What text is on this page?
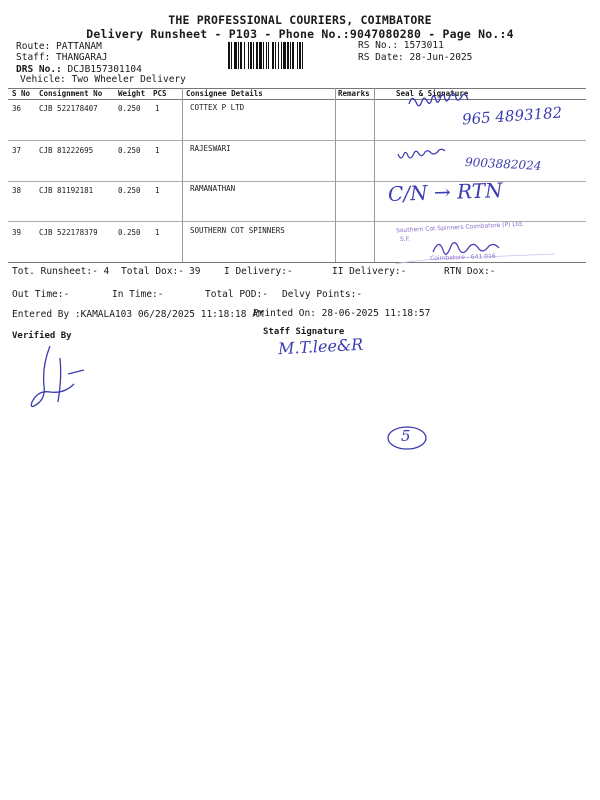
THE PROFESSIONAL COURIERS, COIMBATORE
Delivery Runsheet - P103 - Phone No.:9047080280 - Page No.:4
Route: PATTANAM
Staff: THANGARAJ
DRS No.: DCJB157301104
Vehicle: Two Wheeler Delivery
RS No.: 1573011
RS Date: 28-Jun-2025
S No Consignment No Weight PCS	Consignee Details	Remarks	Seal & Signature
36 CJB 522178407	0.250 1	COTTEX P LTD
37 CJB 81222695	0.250 1	RAJESWARI
38 CJB 81192181	0.250 1	RAMANATHAN
39 CJB 522178379	0.250 1	SOUTHERN COT SPINNERS
965 4893182
9003882024
C/N → RTN
Southern Cot Spinners Coimbatore (P) Ltd.
S.F.
Coimbatore - 641 016
Tot. Runsheet:- 4 Total Dox:- 39 I Delivery:-	II Delivery:-	RTN Dox:-
Out Time:-	In Time:-	Total POD:- Delvy Points:-
Entered By :KAMALA103 06/28/2025 11:18:18 AM
Printed On: 28-06-2025 11:18:57
Verified By	Staff Signature
M.T.lee&R
5
